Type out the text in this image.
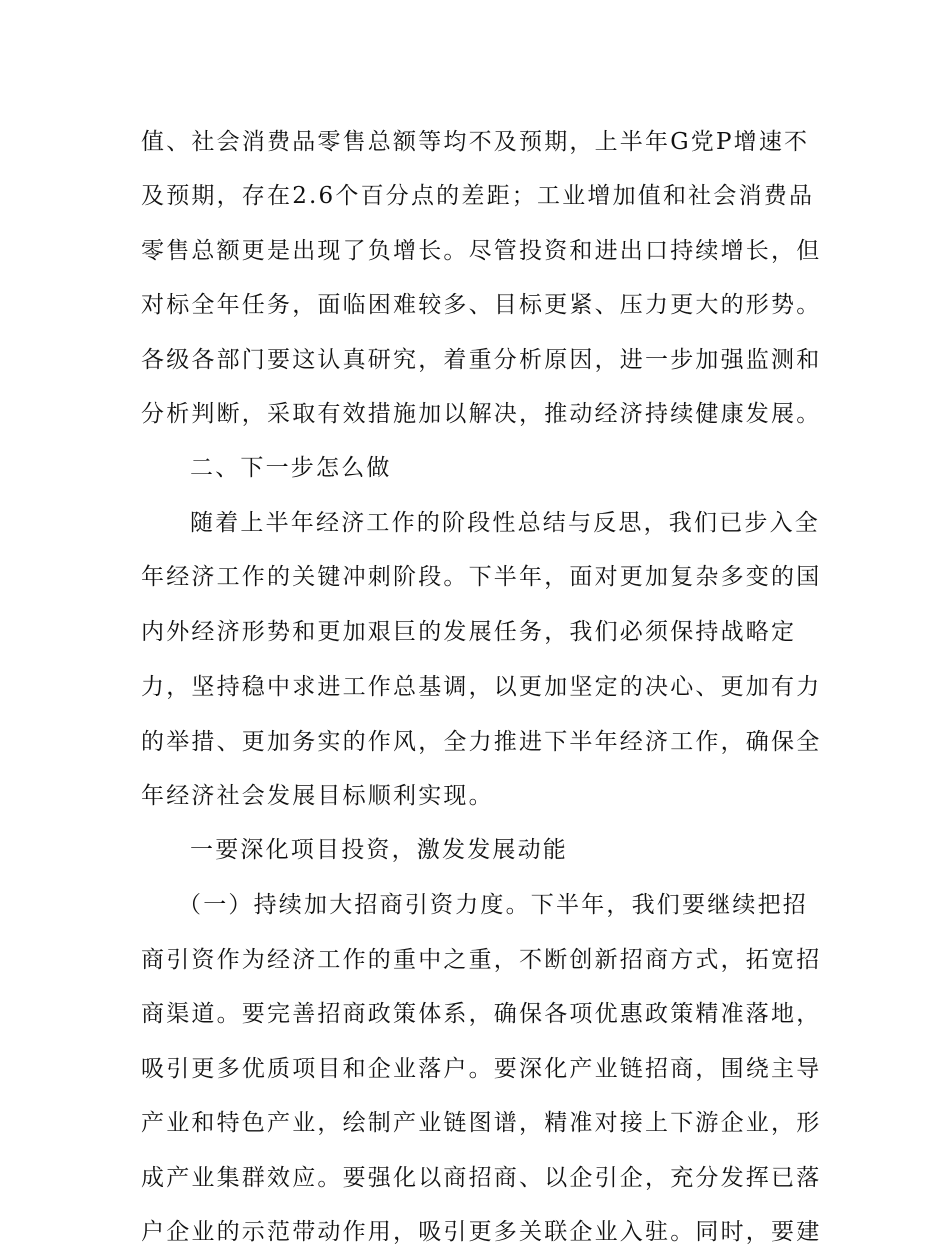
值、社会消费品零售总额等均不及预期，上半年G党P增速不
及预期，存在2.6个百分点的差距；工业增加值和社会消费品
零售总额更是出现了负增长。尽管投资和进出口持续增长，但
对标全年任务，面临困难较多、目标更紧、压力更大的形势。
各级各部门要这认真研究，着重分析原因，进一步加强监测和
分析判断，采取有效措施加以解决，推动经济持续健康发展。
二、下一步怎么做
随着上半年经济工作的阶段性总结与反思，我们已步入全
年经济工作的关键冲刺阶段。下半年，面对更加复杂多变的国
内外经济形势和更加艰巨的发展任务，我们必须保持战略定
力，坚持稳中求进工作总基调，以更加坚定的决心、更加有力
的举措、更加务实的作风，全力推进下半年经济工作，确保全
年经济社会发展目标顺利实现。
一要深化项目投资，激发发展动能
（一）持续加大招商引资力度。下半年，我们要继续把招
商引资作为经济工作的重中之重，不断创新招商方式，拓宽招
商渠道。要完善招商政策体系，确保各项优惠政策精准落地，
吸引更多优质项目和企业落户。要深化产业链招商，围绕主导
产业和特色产业，绘制产业链图谱，精准对接上下游企业，形
成产业集群效应。要强化以商招商、以企引企，充分发挥已落
户企业的示范带动作用，吸引更多关联企业入驻。同时，要建
